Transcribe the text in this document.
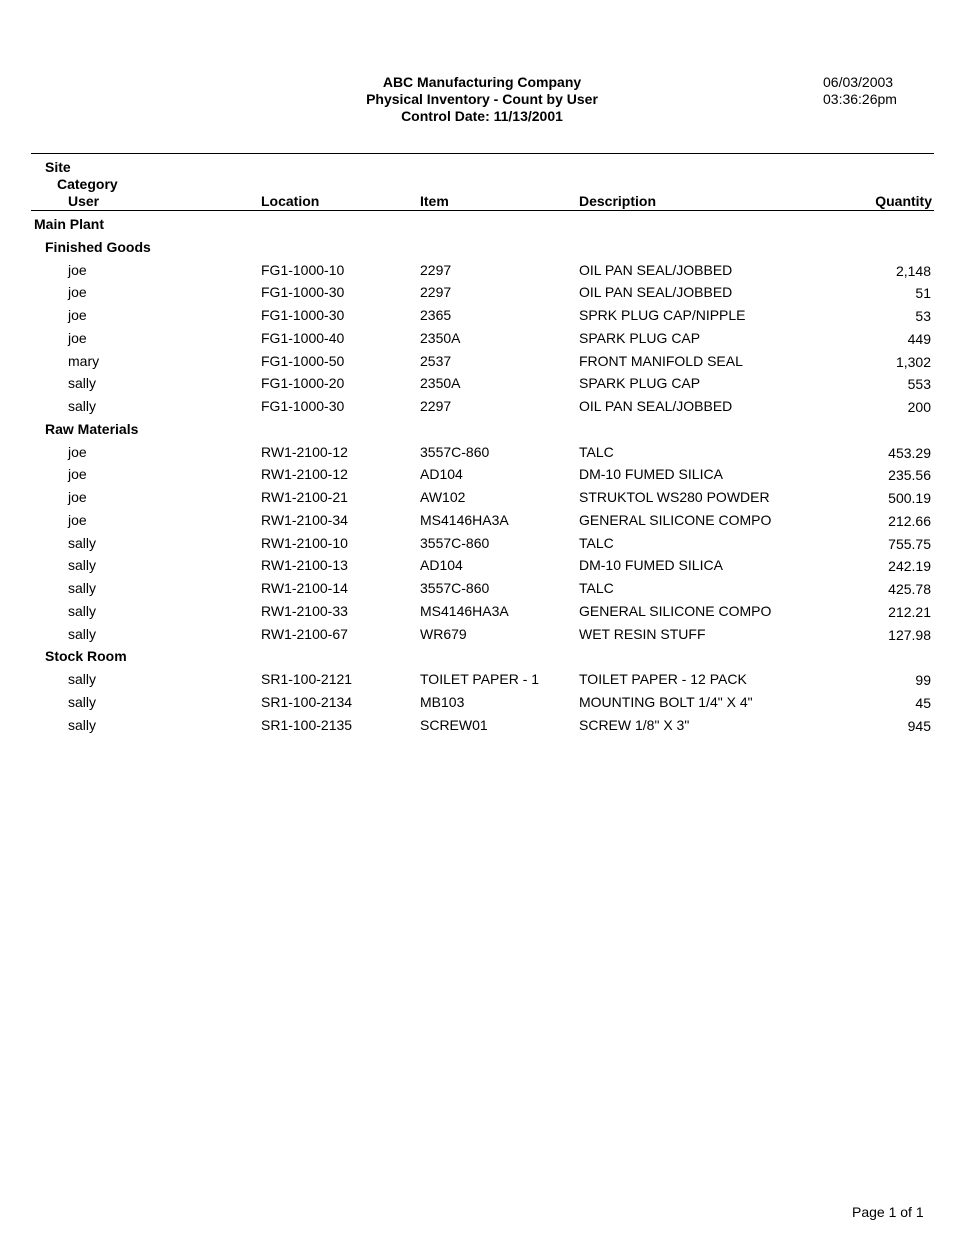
ABC Manufacturing Company
Physical Inventory - Count by User
Control Date: 11/13/2001
06/03/2003
03:36:26pm
Site
Category
User	Location	Item	Description	Quantity
Main Plant
Finished Goods
joe	FG1-1000-10	2297	OIL PAN SEAL/JOBBED	2,148
joe	FG1-1000-30	2297	OIL PAN SEAL/JOBBED	51
joe	FG1-1000-30	2365	SPRK PLUG CAP/NIPPLE	53
joe	FG1-1000-40	2350A	SPARK PLUG CAP	449
mary	FG1-1000-50	2537	FRONT MANIFOLD SEAL	1,302
sally	FG1-1000-20	2350A	SPARK PLUG CAP	553
sally	FG1-1000-30	2297	OIL PAN SEAL/JOBBED	200
Raw Materials
joe	RW1-2100-12	3557C-860	TALC	453.29
joe	RW1-2100-12	AD104	DM-10 FUMED SILICA	235.56
joe	RW1-2100-21	AW102	STRUKTOL WS280 POWDER	500.19
joe	RW1-2100-34	MS4146HA3A	GENERAL SILICONE COMPO	212.66
sally	RW1-2100-10	3557C-860	TALC	755.75
sally	RW1-2100-13	AD104	DM-10 FUMED SILICA	242.19
sally	RW1-2100-14	3557C-860	TALC	425.78
sally	RW1-2100-33	MS4146HA3A	GENERAL SILICONE COMPO	212.21
sally	RW1-2100-67	WR679	WET RESIN STUFF	127.98
Stock Room
sally	SR1-100-2121	TOILET PAPER - 1	TOILET PAPER - 12 PACK	99
sally	SR1-100-2134	MB103	MOUNTING BOLT 1/4" X 4"	45
sally	SR1-100-2135	SCREW01	SCREW 1/8" X 3"	945
Page 1 of 1
